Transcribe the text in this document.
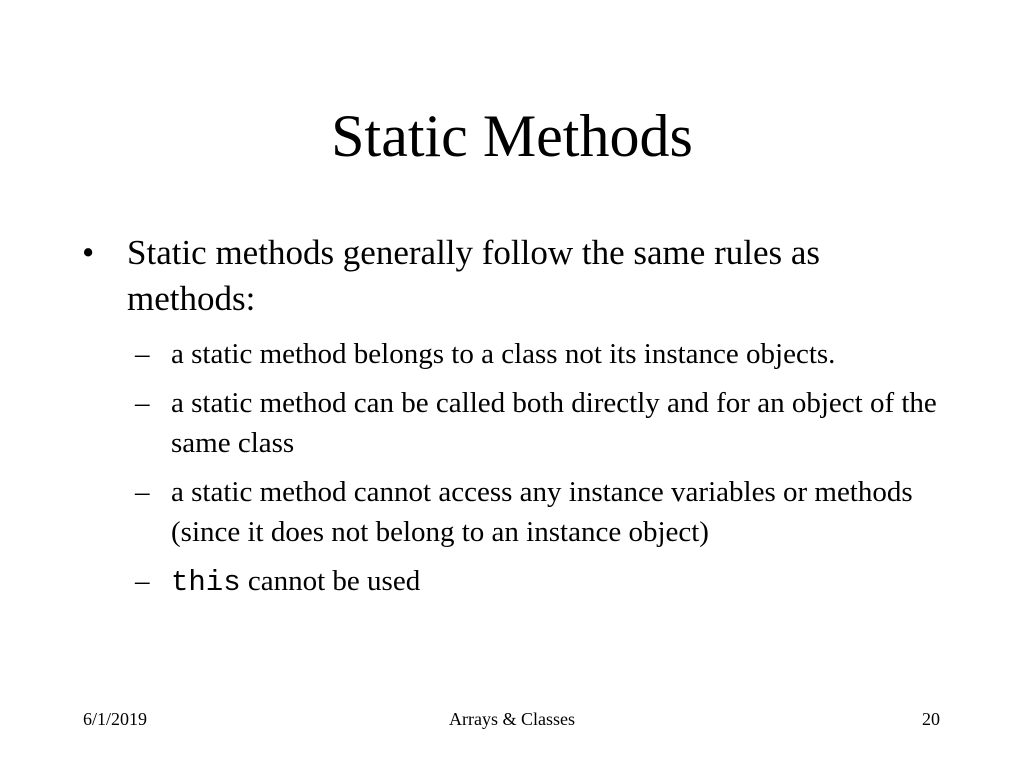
Static Methods
• Static methods generally follow the same rules as methods:
– a static method belongs to a class not its instance objects.
– a static method can be called both directly and for an object of the same class
– a static method cannot access any instance variables or methods (since it does not belong to an instance object)
– this cannot be used
6/1/2019	Arrays & Classes	20
